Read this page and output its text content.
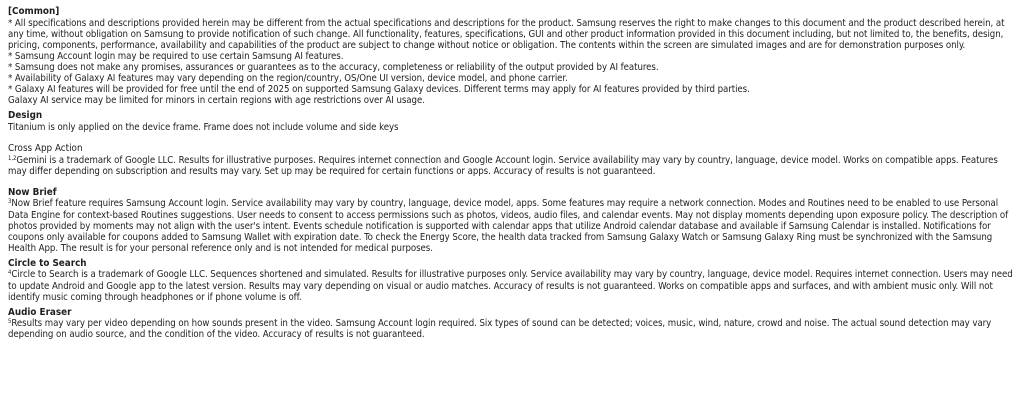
[Common]

* All specifications and descriptions provided herein may be different from the actual specifications and descriptions for the product. Samsung reserves the right to make changes to this document and the product described herein, at any time, without obligation on Samsung to provide notification of such change. All functionality, features, specifications, GUI and other product information provided in this document including, but not limited to, the benefits, design, pricing, components, performance, availability and capabilities of the product are subject to change without notice or obligation. The contents within the screen are simulated images and are for demonstration purposes only.

* Samsung Account login may be required to use certain Samsung AI features.

* Samsung does not make any promises, assurances or guarantees as to the accuracy, completeness or reliability of the output provided by AI features.

* Availability of Galaxy AI features may vary depending on the region/country, OS/One UI version, device model, and phone carrier.

* Galaxy AI features will be provided for free until the end of 2025 on supported Samsung Galaxy devices. Different terms may apply for AI features provided by third parties.

Galaxy AI service may be limited for minors in certain regions with age restrictions over AI usage.

Design

Titanium is only applied on the device frame. Frame does not include volume and side keys

Cross App Action

$^{1,2}$Gemini is a trademark of Google LLC. Results for illustrative purposes. Requires internet connection and Google Account login. Service availability may vary by country, language, device model. Works on compatible apps. Features may differ depending on subscription and results may vary. Set up may be required for certain functions or apps. Accuracy of results is not guaranteed.

Now Brief

$^3$Now Brief feature requires Samsung Account login. Service availability may vary by country, language, device model, apps. Some features may require a network connection. Modes and Routines need to be enabled to use Personal Data Engine for context-based Routines suggestions. User needs to consent to access permissions such as photos, videos, audio files, and calendar events. May not display moments depending upon exposure policy. The description of photos provided by moments may not align with the user's intent. Events schedule notification is supported with calendar apps that utilize Android calendar database and available if Samsung Calendar is installed. Notifications for coupons only available for coupons added to Samsung Wallet with expiration date. To check the Energy Score, the health data tracked from Samsung Galaxy Watch or Samsung Galaxy Ring must be synchronized with the Samsung Health App. The result is for your personal reference only and is not intended for medical purposes.

Circle to Search

$^4$Circle to Search is a trademark of Google LLC. Sequences shortened and simulated. Results for illustrative purposes only. Service availability may vary by country, language, device model. Requires internet connection. Users may need to update Android and Google app to the latest version. Results may vary depending on visual or audio matches. Accuracy of results is not guaranteed. Works on compatible apps and surfaces, and with ambient music only. Will not identify music coming through headphones or if phone volume is off.

Audio Eraser

$^5$Results may vary per video depending on how sounds present in the video. Samsung Account login required. Six types of sound can be detected; voices, music, wind, nature, crowd and noise. The actual sound detection may vary depending on audio source, and the condition of the video. Accuracy of results is not guaranteed.
